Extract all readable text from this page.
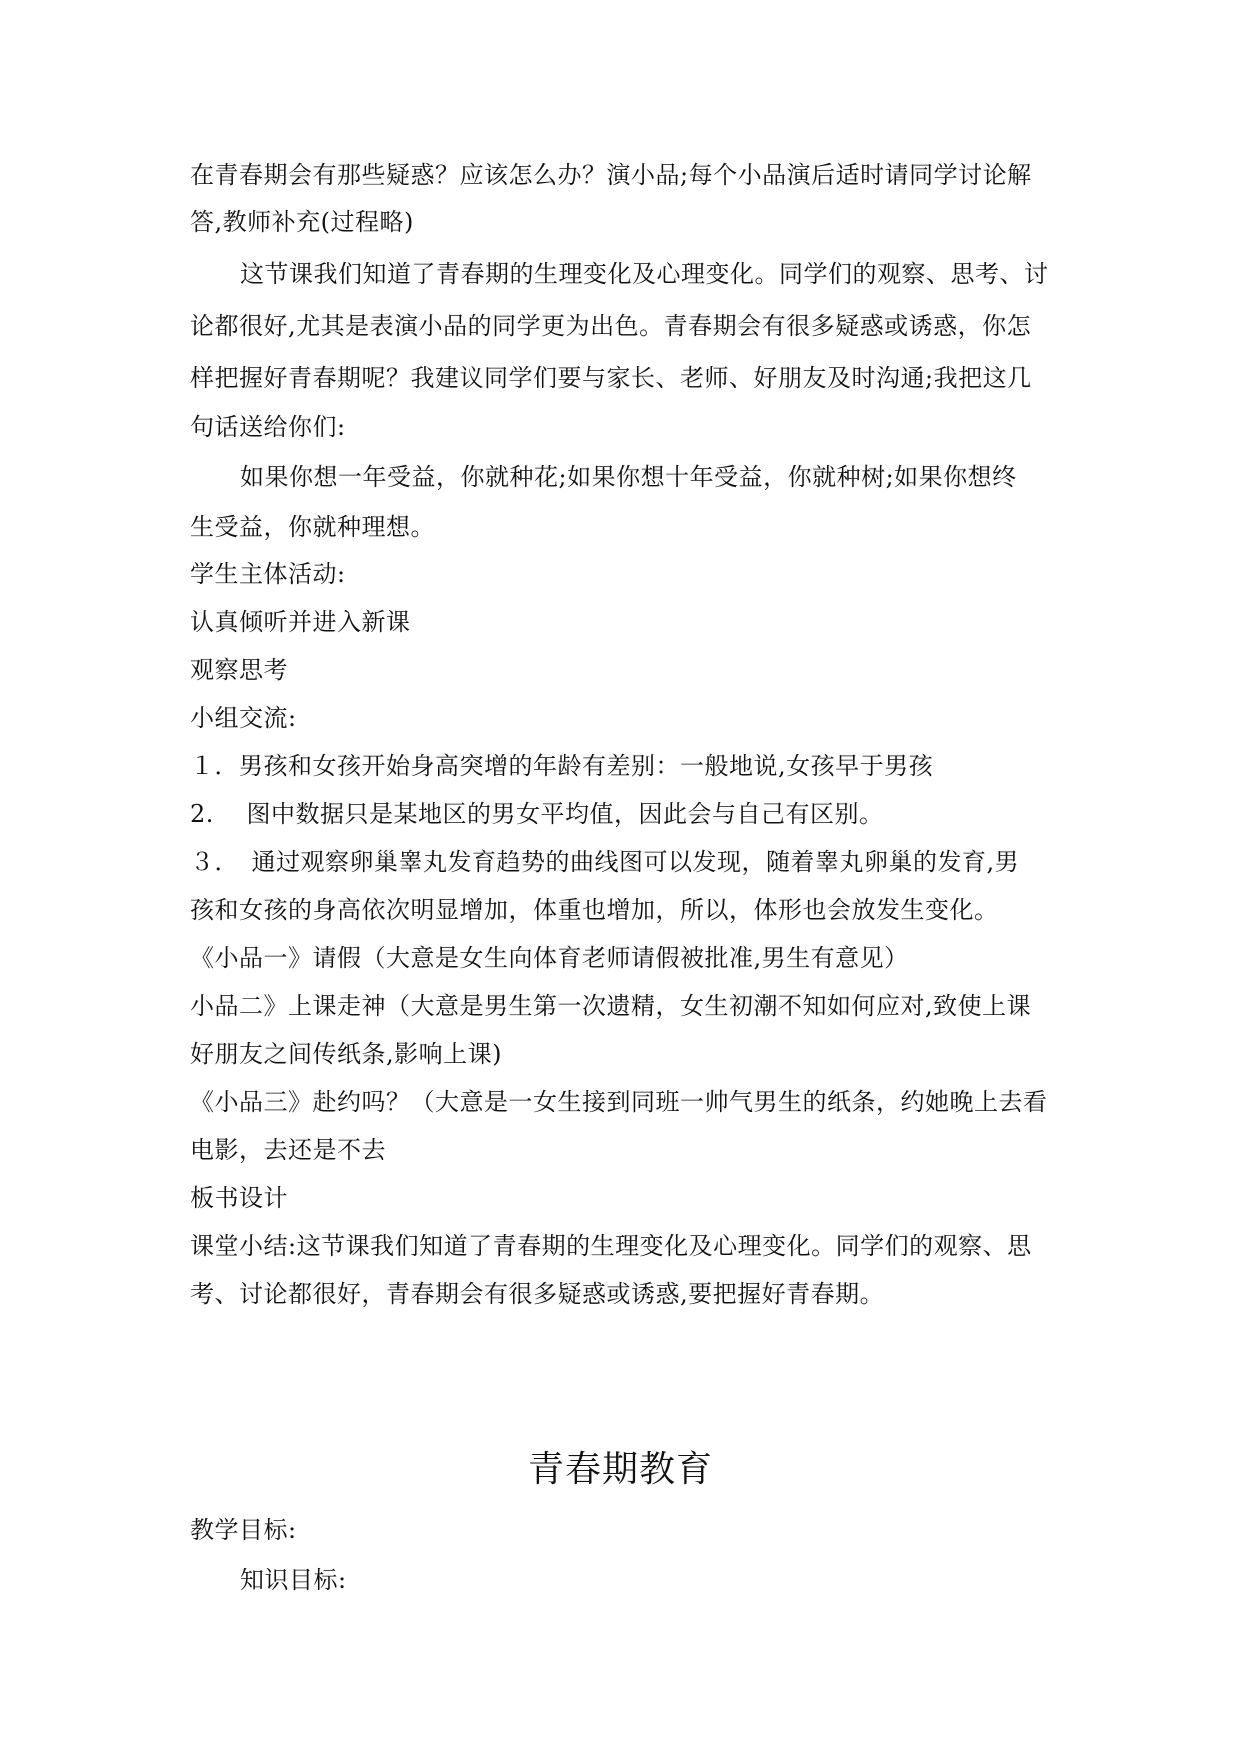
在青春期会有那些疑惑？应该怎么办？演小品;每个小品演后适时请同学讨论解
答,教师补充(过程略)
这节课我们知道了青春期的生理变化及心理变化。同学们的观察、思考、讨
论都很好,尤其是表演小品的同学更为出色。青春期会有很多疑惑或诱惑，你怎
样把握好青春期呢？我建议同学们要与家长、老师、好朋友及时沟通;我把这几
句话送给你们:
如果你想一年受益，你就种花;如果你想十年受益，你就种树;如果你想终
生受益，你就种理想。
学生主体活动:
认真倾听并进入新课
观察思考
小组交流:
１．男孩和女孩开始身高突增的年龄有差别：一般地说,女孩早于男孩
2.　 图中数据只是某地区的男女平均值，因此会与自己有区别。
３．　通过观察卵巢睾丸发育趋势的曲线图可以发现，随着睾丸卵巢的发育,男
孩和女孩的身高依次明显增加，体重也增加，所以，体形也会放发生变化。
《小品一》请假（大意是女生向体育老师请假被批准,男生有意见）
小品二》上课走神（大意是男生第一次遗精，女生初潮不知如何应对,致使上课
好朋友之间传纸条,影响上课)
《小品三》赴约吗？（大意是一女生接到同班一帅气男生的纸条，约她晚上去看
电影，去还是不去
板书设计
课堂小结:这节课我们知道了青春期的生理变化及心理变化。同学们的观察、思
考、讨论都很好，青春期会有很多疑惑或诱惑,要把握好青春期。
青春期教育
教学目标:
知识目标:
